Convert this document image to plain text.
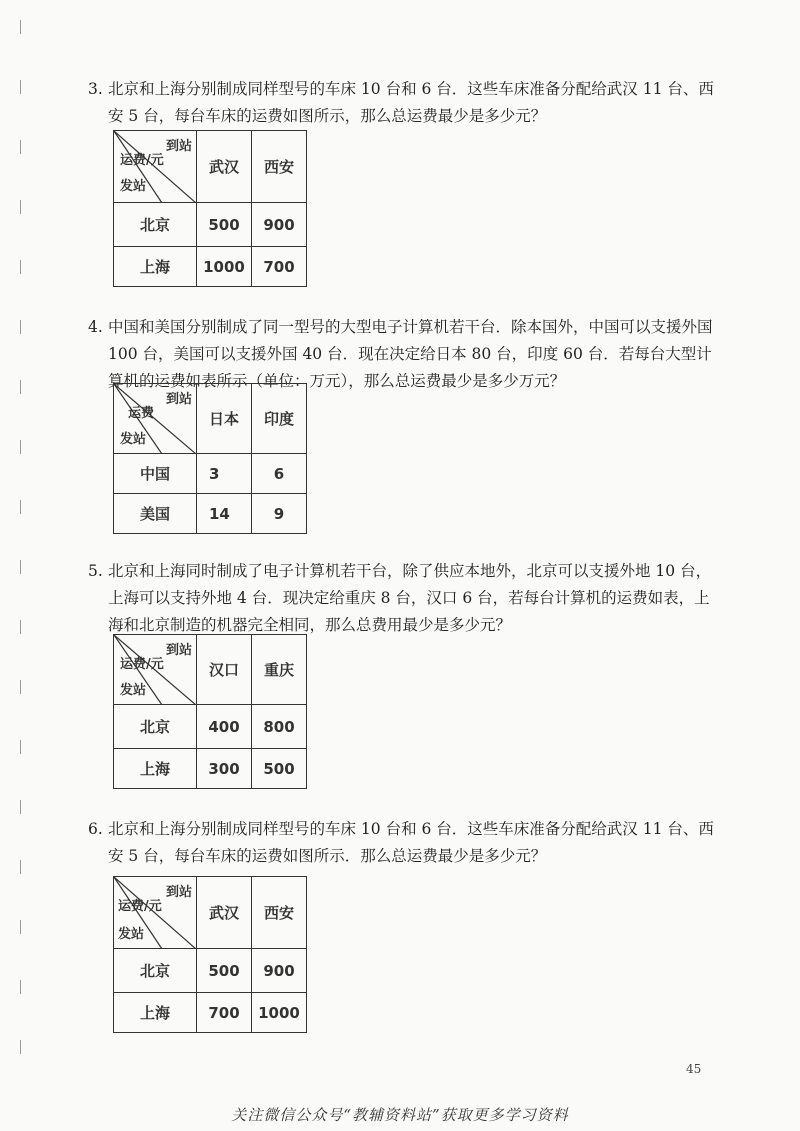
3. 北京和上海分别制成同样型号的车床 10 台和 6 台．这些车床准备分配给武汉 11 台、西安 5 台，每台车床的运费如图所示，那么总运费最少是多少元？
到站
运费/元
发站	武汉	西安
北京	500	900
上海	1000	700
4. 中国和美国分别制成了同一型号的大型电子计算机若干台．除本国外，中国可以支援外国 100 台，美国可以支援外国 40 台．现在决定给日本 80 台，印度 60 台．若每台大型计算机的运费如表所示（单位：万元），那么总运费最少是多少万元？
到站
运费
发站	日本	印度
中国	3	6
美国	14	9
5. 北京和上海同时制成了电子计算机若干台，除了供应本地外，北京可以支援外地 10 台，上海可以支持外地 4 台．现决定给重庆 8 台，汉口 6 台，若每台计算机的运费如表，上海和北京制造的机器完全相同，那么总费用最少是多少元？
到站
运费/元
发站	汉口	重庆
北京	400	800
上海	300	500
6. 北京和上海分别制成同样型号的车床 10 台和 6 台．这些车床准备分配给武汉 11 台、西安 5 台，每台车床的运费如图所示．那么总运费最少是多少元？
到站
运费/元
发站	武汉	西安
北京	500	900
上海	700	1000
45
关注微信公众号“教辅资料站”获取更多学习资料
